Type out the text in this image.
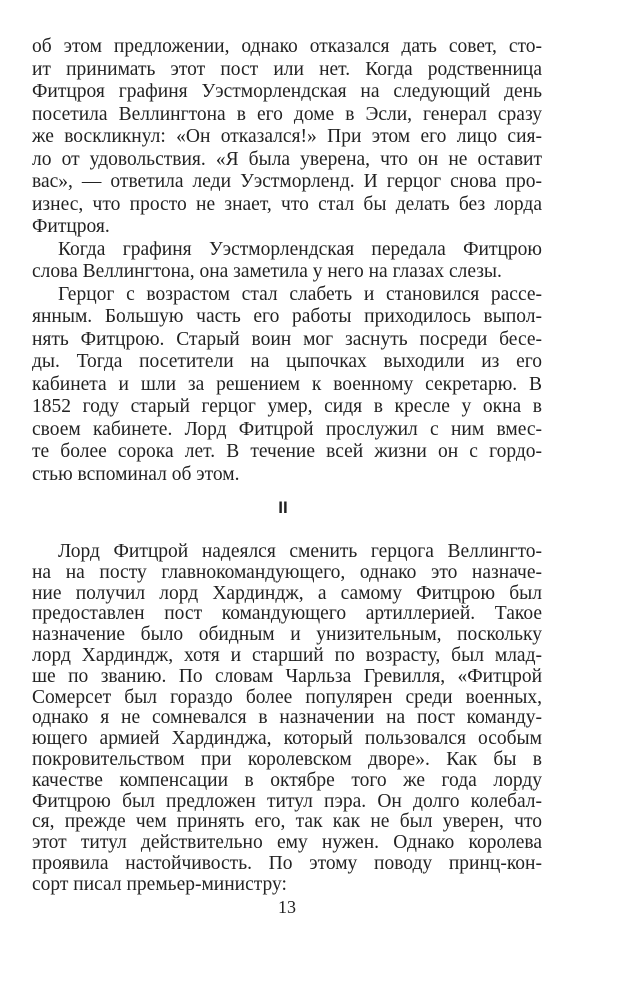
об этом предложении, однако отказался дать совет, сто-
ит принимать этот пост или нет. Когда родственница
Фитцроя графиня Уэстморлендская на следующий день
посетила Веллингтона в его доме в Эсли, генерал сразу
же воскликнул: «Он отказался!» При этом его лицо сия-
ло от удовольствия. «Я была уверена, что он не оставит
вас», — ответила леди Уэстморленд. И герцог снова про-
изнес, что просто не знает, что стал бы делать без лорда
Фитцроя.
Когда графиня Уэстморлендская передала Фитцрою
слова Веллингтона, она заметила у него на глазах слезы.
Герцог с возрастом стал слабеть и становился рассе-
янным. Большую часть его работы приходилось выпол-
нять Фитцрою. Старый воин мог заснуть посреди бесе-
ды. Тогда посетители на цыпочках выходили из его
кабинета и шли за решением к военному секретарю. В
1852 году старый герцог умер, сидя в кресле у окна в
своем кабинете. Лорд Фитцрой прослужил с ним вмес-
те более сорока лет. В течение всей жизни он с гордо-
стью вспоминал об этом.
II
Лорд Фитцрой надеялся сменить герцога Веллингто-
на на посту главнокомандующего, однако это назначе-
ние получил лорд Хардиндж, а самому Фитцрою был
предоставлен пост командующего артиллерией. Такое
назначение было обидным и унизительным, поскольку
лорд Хардиндж, хотя и старший по возрасту, был млад-
ше по званию. По словам Чарльза Гревилля, «Фитцрой
Сомерсет был гораздо более популярен среди военных,
однако я не сомневался в назначении на пост команду-
ющего армией Хардинджа, который пользовался особым
покровительством при королевском дворе». Как бы в
качестве компенсации в октябре того же года лорду
Фитцрою был предложен титул пэра. Он долго колебал-
ся, прежде чем принять его, так как не был уверен, что
этот титул действительно ему нужен. Однако королева
проявила настойчивость. По этому поводу принц-кон-
сорт писал премьер-министру:
13
